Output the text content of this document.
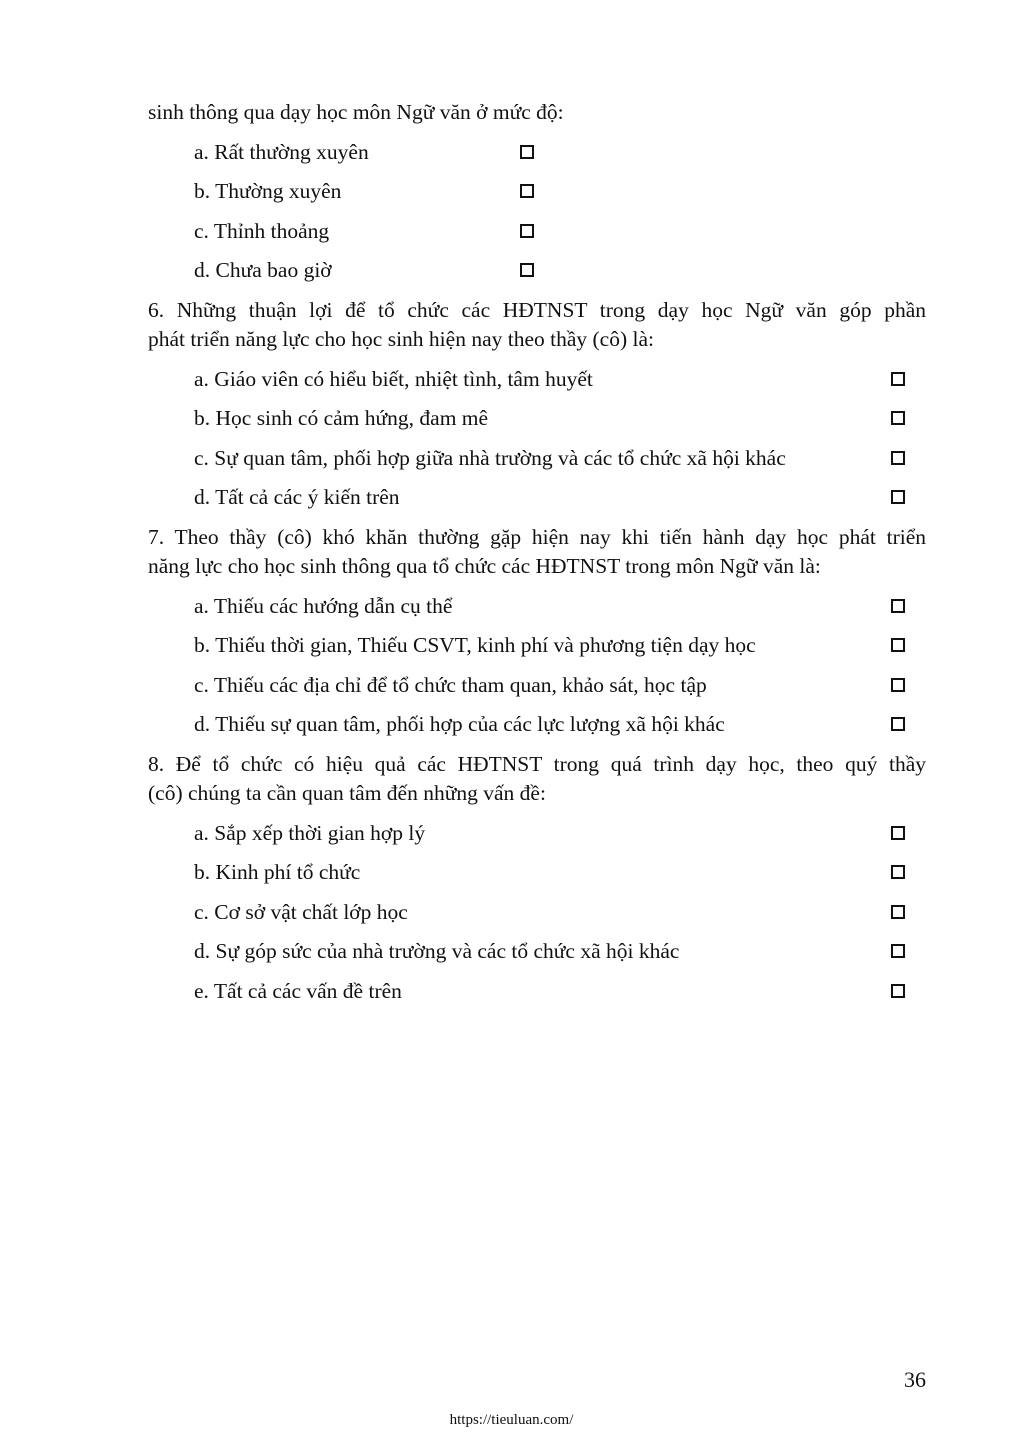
sinh thông qua dạy học môn Ngữ văn ở mức độ:
a. Rất thường xuyên
b. Thường xuyên
c. Thỉnh thoảng
d. Chưa bao giờ
6. Những thuận lợi để tổ chức các HĐTNST trong dạy học Ngữ văn góp phần
phát triển năng lực cho học sinh hiện nay theo thầy (cô) là:
a. Giáo viên có hiểu biết, nhiệt tình, tâm huyết
b. Học sinh có cảm hứng, đam mê
c. Sự quan tâm, phối hợp giữa nhà trường và các tổ chức xã hội khác
d. Tất cả các ý kiến trên
7. Theo thầy (cô) khó khăn thường gặp hiện nay khi tiến hành dạy học phát triển
năng lực cho học sinh thông qua tổ chức các HĐTNST trong môn Ngữ văn là:
a. Thiếu các hướng dẫn cụ thể
b. Thiếu thời gian, Thiếu CSVT, kinh phí và phương tiện dạy học
c. Thiếu các địa chỉ để tổ chức tham quan, khảo sát, học tập
d. Thiếu sự quan tâm, phối hợp của các lực lượng xã hội khác
8. Để tổ chức có hiệu quả các HĐTNST trong quá trình dạy học, theo quý thầy
(cô) chúng ta cần quan tâm đến những vấn đề:
a. Sắp xếp thời gian hợp lý
b. Kinh phí tổ chức
c. Cơ sở vật chất lớp học
d. Sự góp sức của nhà trường và các tổ chức xã hội khác
e. Tất cả các vấn đề trên
36
https://tieuluan.com/
